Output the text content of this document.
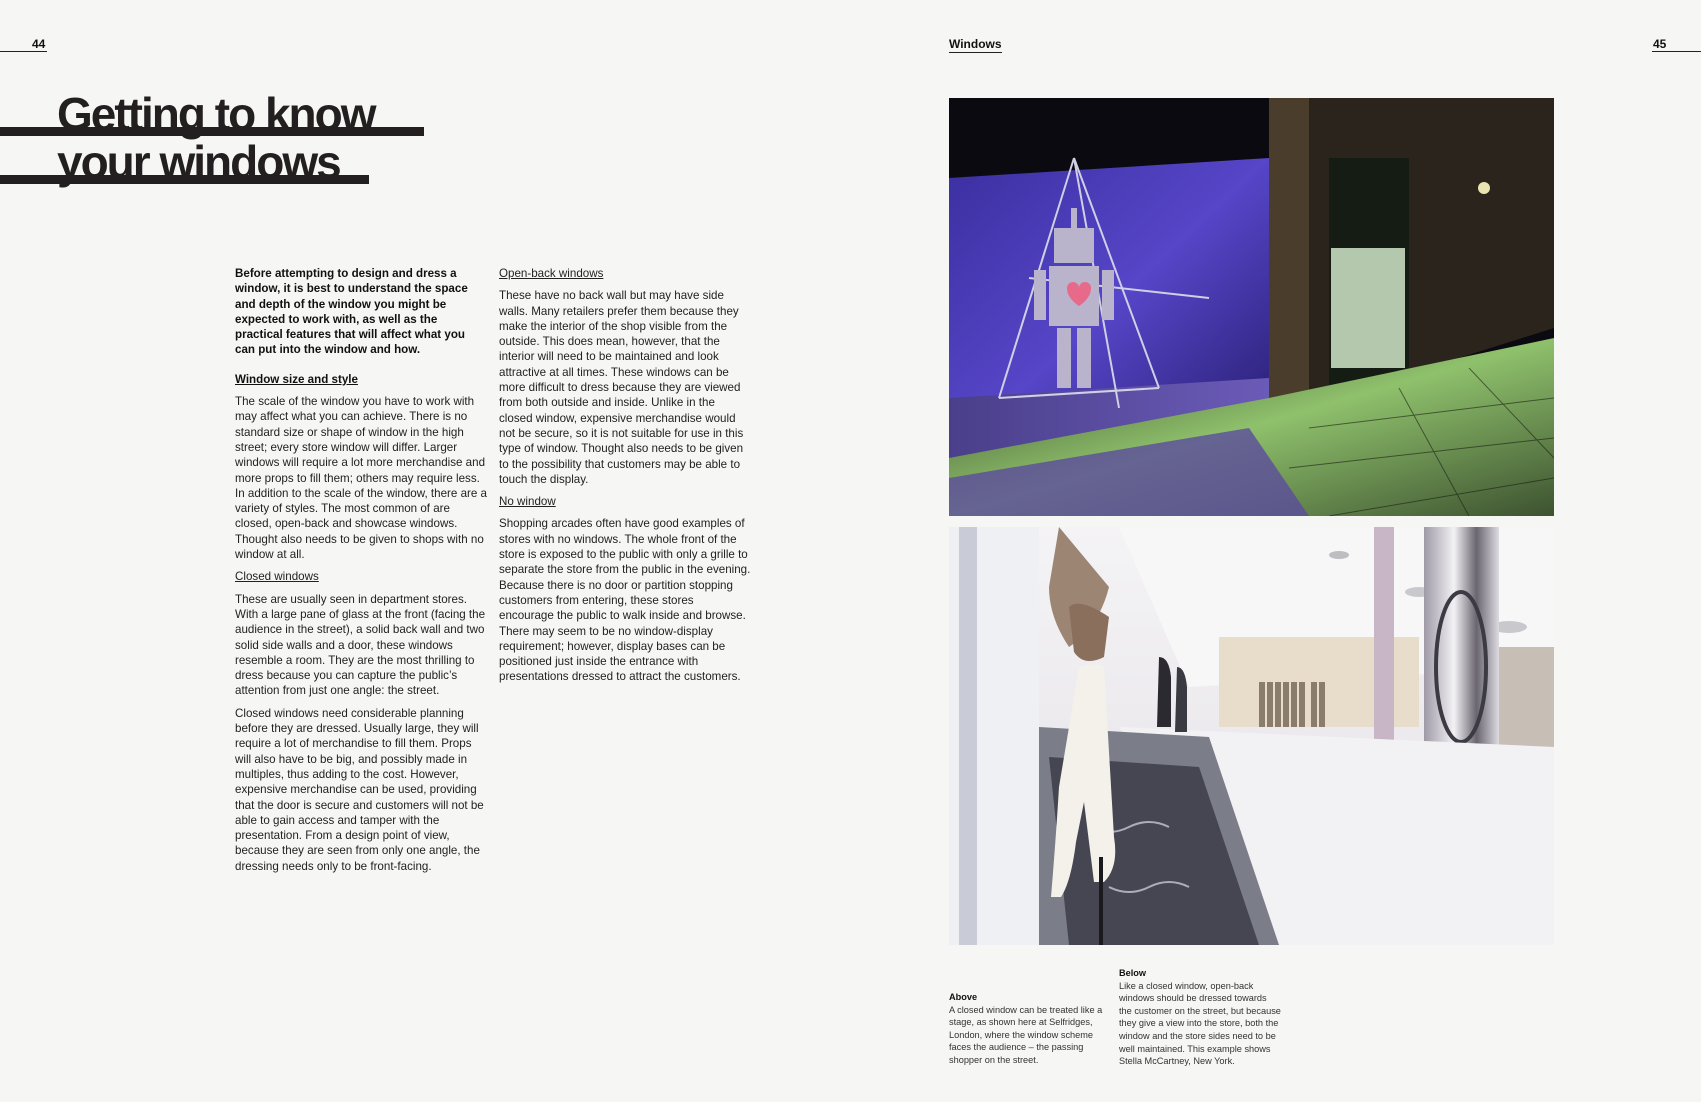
44	Windows	45
Getting to know
your windows

Before attempting to design and dress a window, it is best to understand the space and depth of the window you might be expected to work with, as well as the practical features that will affect what you can put into the window and how.

Window size and style

The scale of the window you have to work with may affect what you can achieve. There is no standard size or shape of window in the high street; every store window will differ. Larger windows will require a lot more merchandise and more props to fill them; others may require less. In addition to the scale of the window, there are a variety of styles. The most common of are closed, open-back and showcase windows. Thought also needs to be given to shops with no window at all.

Closed windows

These are usually seen in department stores. With a large pane of glass at the front (facing the audience in the street), a solid back wall and two solid side walls and a door, these windows resemble a room. They are the most thrilling to dress because you can capture the public’s attention from just one angle: the street.

Closed windows need considerable planning before they are dressed. Usually large, they will require a lot of merchandise to fill them. Props will also have to be big, and possibly made in multiples, thus adding to the cost. However, expensive merchandise can be used, providing that the door is secure and customers will not be able to gain access and tamper with the presentation. From a design point of view, because they are seen from only one angle, the dressing needs only to be front-facing.

Open-back windows

These have no back wall but may have side walls. Many retailers prefer them because they make the interior of the shop visible from the outside. This does mean, however, that the interior will need to be maintained and look attractive at all times. These windows can be more difficult to dress because they are viewed from both outside and inside. Unlike in the closed window, expensive merchandise would not be secure, so it is not suitable for use in this type of window. Thought also needs to be given to the possibility that customers may be able to touch the display.

No window

Shopping arcades often have good examples of stores with no windows. The whole front of the store is exposed to the public with only a grille to separate the store from the public in the evening. Because there is no door or partition stopping customers from entering, these stores encourage the public to walk inside and browse. There may seem to be no window-display requirement; however, display bases can be positioned just inside the entrance with presentations dressed to attract the customers.

Above
A closed window can be treated like a stage, as shown here at Selfridges, London, where the window scheme faces the audience – the passing shopper on the street.
Below
Like a closed window, open-back windows should be dressed towards the customer on the street, but because they give a view into the store, both the window and the store sides need to be well maintained. This example shows Stella McCartney, New York.
